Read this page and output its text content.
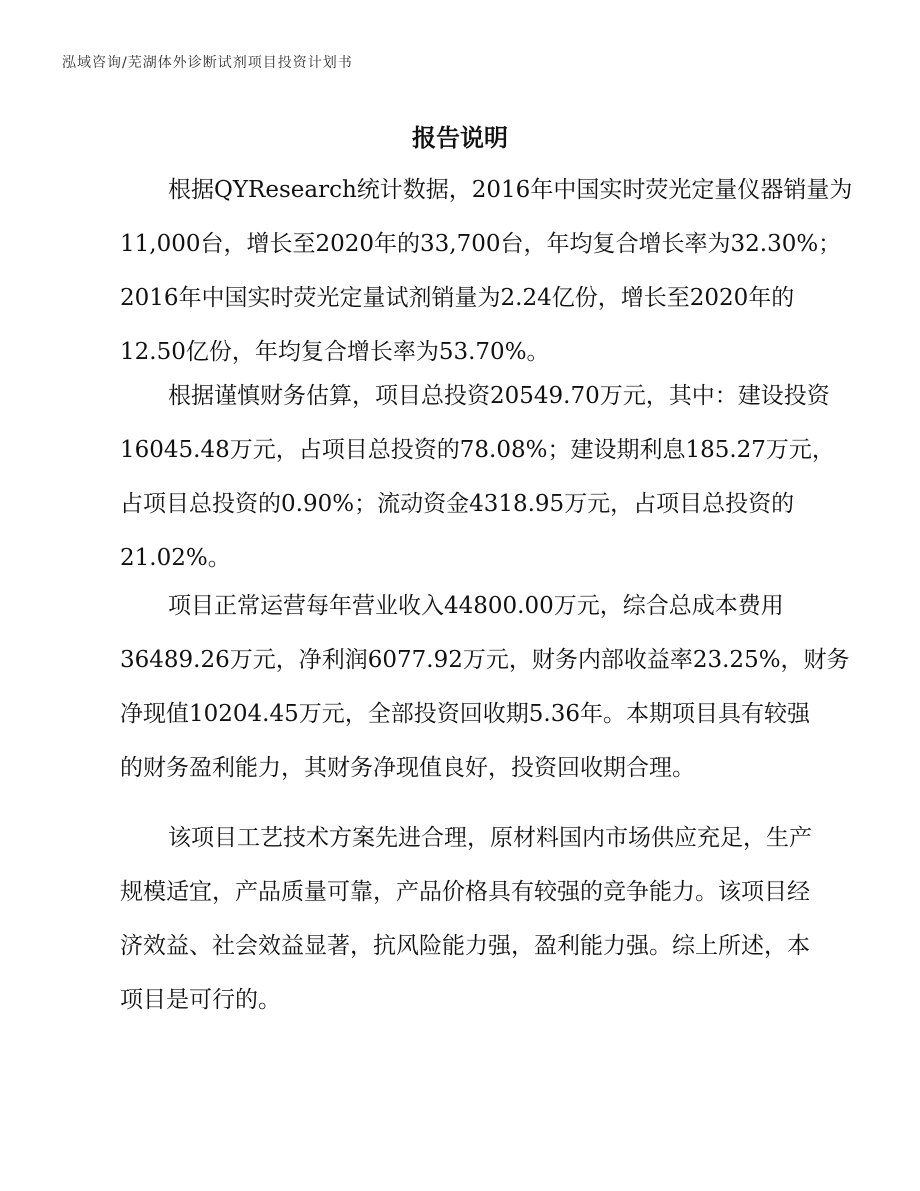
泓域咨询/芜湖体外诊断试剂项目投资计划书
报告说明
根据QYResearch统计数据，2016年中国实时荧光定量仪器销量为
11,000台，增长至2020年的33,700台，年均复合增长率为32.30%；
2016年中国实时荧光定量试剂销量为2.24亿份，增长至2020年的
12.50亿份，年均复合增长率为53.70%。
根据谨慎财务估算，项目总投资20549.70万元，其中：建设投资
16045.48万元，占项目总投资的78.08%；建设期利息185.27万元，
占项目总投资的0.90%；流动资金4318.95万元，占项目总投资的
21.02%。
项目正常运营每年营业收入44800.00万元，综合总成本费用
36489.26万元，净利润6077.92万元，财务内部收益率23.25%，财务
净现值10204.45万元，全部投资回收期5.36年。本期项目具有较强
的财务盈利能力，其财务净现值良好，投资回收期合理。
该项目工艺技术方案先进合理，原材料国内市场供应充足，生产
规模适宜，产品质量可靠，产品价格具有较强的竞争能力。该项目经
济效益、社会效益显著，抗风险能力强，盈利能力强。综上所述，本
项目是可行的。
